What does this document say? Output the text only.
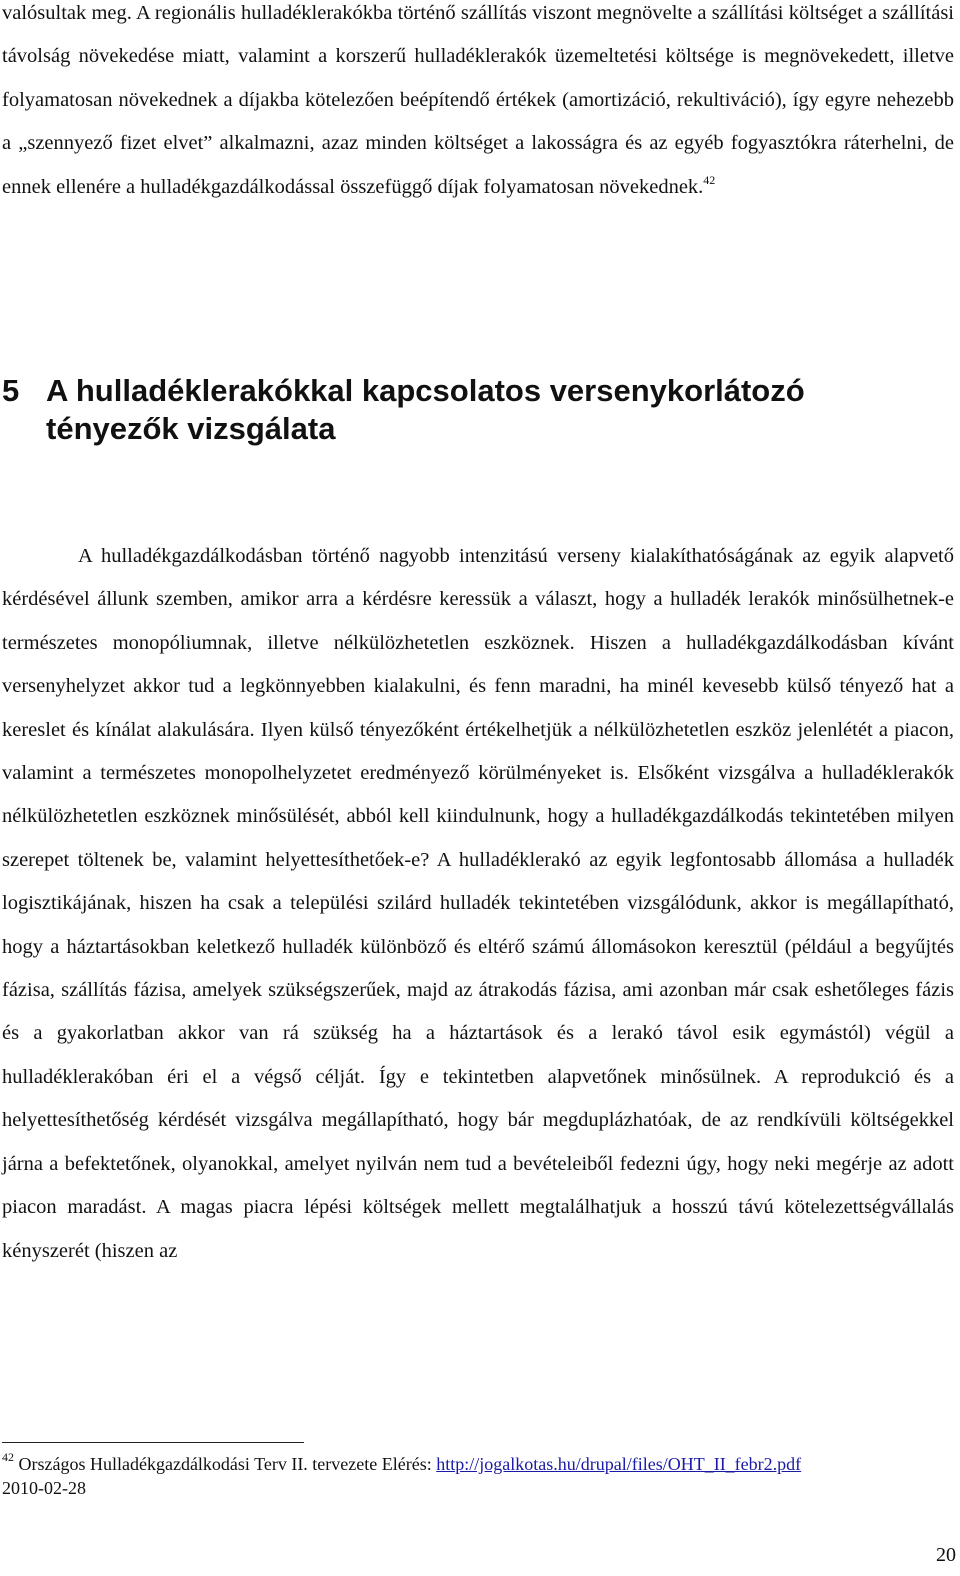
valósultak meg. A regionális hulladéklerakókba történő szállítás viszont megnövelte a szállítási költséget a szállítási távolság növekedése miatt, valamint a korszerű hulladéklerakók üzemeltetési költsége is megnövekedett, illetve folyamatosan növekednek a díjakba kötelezően beépítendő értékek (amortizáció, rekultiváció), így egyre nehezebb a „szennyező fizet elvet” alkalmazni, azaz minden költséget a lakosságra és az egyéb fogyasztókra ráterhelni, de ennek ellenére a hulladékgazdálkodással összefüggő díjak folyamatosan növekednek.$^{42}$

5 A hulladéklerakókkal kapcsolatos versenykorlátozó tényezők vizsgálata

A hulladékgazdálkodásban történő nagyobb intenzitású verseny kialakíthatóságának az egyik alapvető kérdésével állunk szemben, amikor arra a kérdésre keressük a választ, hogy a hulladék lerakók minősülhetnek-e természetes monopóliumnak, illetve nélkülözhetetlen eszköznek. Hiszen a hulladékgazdálkodásban kívánt versenyhelyzet akkor tud a legkönnyebben kialakulni, és fenn maradni, ha minél kevesebb külső tényező hat a kereslet és kínálat alakulására. Ilyen külső tényezőként értékelhetjük a nélkülözhetetlen eszköz jelenlétét a piacon, valamint a természetes monopolhelyzetet eredményező körülményeket is. Elsőként vizsgálva a hulladéklerakók nélkülözhetetlen eszköznek minősülését, abból kell kiindulnunk, hogy a hulladékgazdálkodás tekintetében milyen szerepet töltenek be, valamint helyettesíthetőek-e? A hulladéklerakó az egyik legfontosabb állomása a hulladék logisztikájának, hiszen ha csak a települési szilárd hulladék tekintetében vizsgálódunk, akkor is megállapítható, hogy a háztartásokban keletkező hulladék különböző és eltérő számú állomásokon keresztül (például a begyűjtés fázisa, szállítás fázisa, amelyek szükségszerűek, majd az átrakodás fázisa, ami azonban már csak eshetőleges fázis és a gyakorlatban akkor van rá szükség ha a háztartások és a lerakó távol esik egymástól) végül a hulladéklerakóban éri el a végső célját. Így e tekintetben alapvetőnek minősülnek. A reprodukció és a helyettesíthetőség kérdését vizsgálva megállapítható, hogy bár megduplázhatóak, de az rendkívüli költségekkel járna a befektetőnek, olyanokkal, amelyet nyilván nem tud a bevételeiből fedezni úgy, hogy neki megérje az adott piacon maradást. A magas piacra lépési költségek mellett megtalálhatjuk a hosszú távú kötelezettségvállalás kényszerét (hiszen az

$^{42}$ Országos Hulladékgazdálkodási Terv II. tervezete Elérés: http://jogalkotas.hu/drupal/files/OHT_II_febr2.pdf
2010-02-28

20
